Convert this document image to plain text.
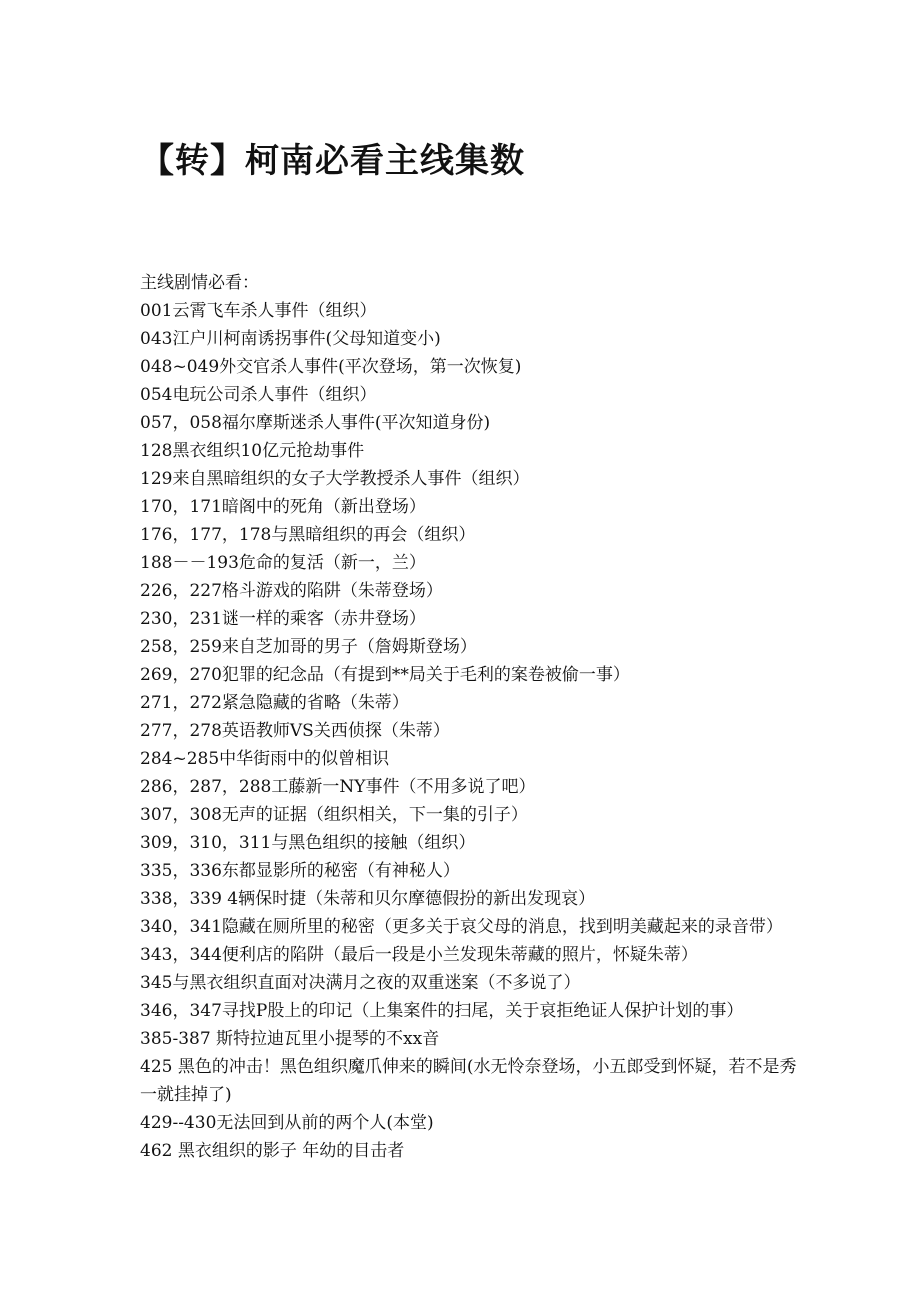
【转】柯南必看主线集数
主线剧情必看：
001云霄飞车杀人事件（组织）
043江户川柯南诱拐事件(父母知道变小)
048~049外交官杀人事件(平次登场，第一次恢复)
054电玩公司杀人事件（组织）
057，058福尔摩斯迷杀人事件(平次知道身份)
128黑衣组织10亿元抢劫事件
129来自黑暗组织的女子大学教授杀人事件（组织）
170，171暗阁中的死角（新出登场）
176，177，178与黑暗组织的再会（组织）
188－－193危命的复活（新一，兰）
226，227格斗游戏的陷阱（朱蒂登场）
230，231谜一样的乘客（赤井登场）
258，259来自芝加哥的男子（詹姆斯登场）
269，270犯罪的纪念品（有提到**局关于毛利的案卷被偷一事）
271，272紧急隐藏的省略（朱蒂）
277，278英语教师VS关西侦探（朱蒂）
284~285中华街雨中的似曾相识
286，287，288工藤新一NY事件（不用多说了吧）
307，308无声的证据（组织相关，下一集的引子）
309，310，311与黑色组织的接触（组织）
335，336东都显影所的秘密（有神秘人）
338，339 4辆保时捷（朱蒂和贝尔摩德假扮的新出发现哀）
340，341隐藏在厕所里的秘密（更多关于哀父母的消息，找到明美藏起来的录音带）
343，344便利店的陷阱（最后一段是小兰发现朱蒂藏的照片，怀疑朱蒂）
345与黑衣组织直面对决满月之夜的双重迷案（不多说了）
346，347寻找P股上的印记（上集案件的扫尾，关于哀拒绝证人保护计划的事）
385-387 斯特拉迪瓦里小提琴的不xx音
425 黑色的冲击！黑色组织魔爪伸来的瞬间(水无怜奈登场，小五郎受到怀疑，若不是秀一就挂掉了)
429--430无法回到从前的两个人(本堂)
462 黑衣组织的影子 年幼的目击者
